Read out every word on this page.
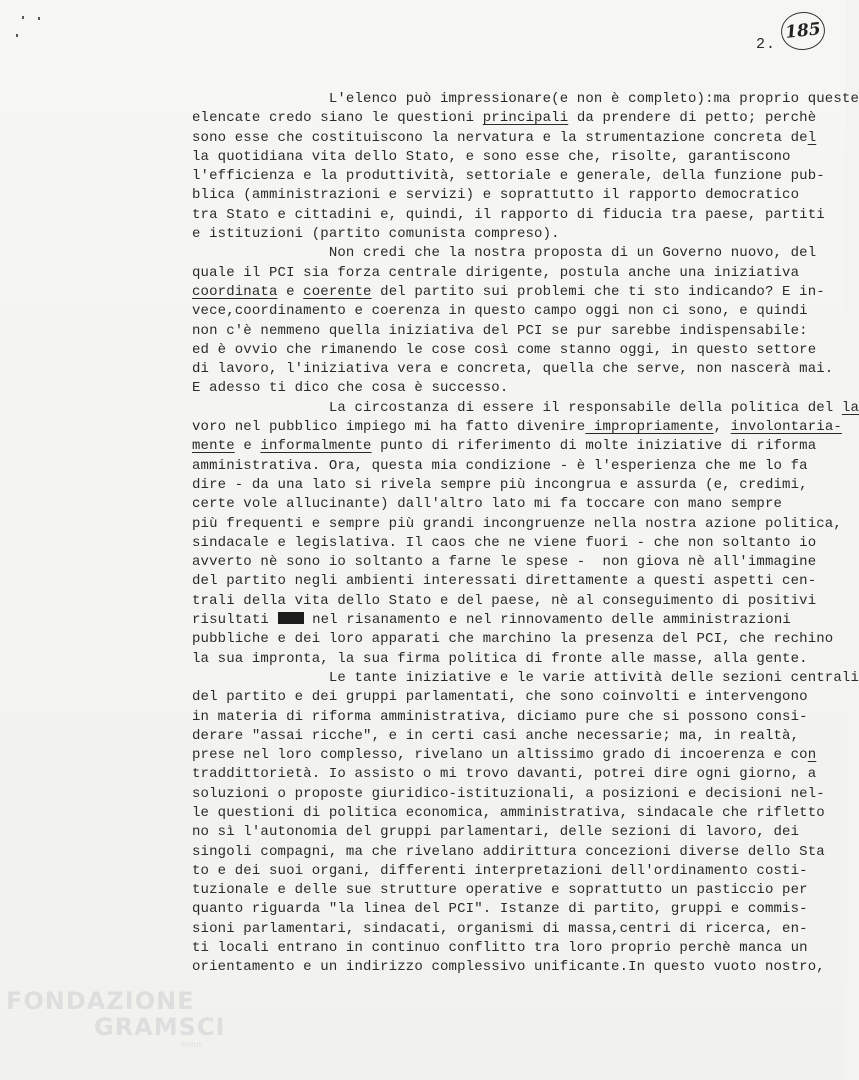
185
2.
L'elenco può impressionare(e non è completo):ma proprio queste
elencate credo siano le questioni principali da prendere di petto; perchè
sono esse che costituiscono la nervatura e la strumentazione concreta del
la quotidiana vita dello Stato, e sono esse che, risolte, garantiscono
l'efficienza e la produttività, settoriale e generale, della funzione pub-
blica (amministrazioni e servizi) e soprattutto il rapporto democratico
tra Stato e cittadini e, quindi, il rapporto di fiducia tra paese, partiti
e istituzioni (partito comunista compreso).
Non credi che la nostra proposta di un Governo nuovo, del
quale il PCI sia forza centrale dirigente, postula anche una iniziativa
coordinata e coerente del partito sui problemi che ti sto indicando? E in-
vece,coordinamento e coerenza in questo campo oggi non ci sono, e quindi
non c'è nemmeno quella iniziativa del PCI se pur sarebbe indispensabile:
ed è ovvio che rimanendo le cose così come stanno oggi, in questo settore
di lavoro, l'iniziativa vera e concreta, quella che serve, non nascerà mai.
E adesso ti dico che cosa è successo.
La circostanza di essere il responsabile della politica del la
voro nel pubblico impiego mi ha fatto divenire impropriamente, involontaria-
mente e informalmente punto di riferimento di molte iniziative di riforma
amministrativa. Ora, questa mia condizione - è l'esperienza che me lo fa
dire - da una lato si rivela sempre più incongrua e assurda (e, credimi,
certe vole allucinante) dall'altro lato mi fa toccare con mano sempre
più frequenti e sempre più grandi incongruenze nella nostra azione politica,
sindacale e legislativa. Il caos che ne viene fuori - che non soltanto io
avverto nè sono io soltanto a farne le spese -  non giova nè all'immagine
del partito negli ambienti interessati direttamente a questi aspetti cen-
trali della vita dello Stato e del paese, nè al conseguimento di positivi
risultati  nel risanamento e nel rinnovamento delle amministrazioni
pubbliche e dei loro apparati che marchino la presenza del PCI, che rechino
la sua impronta, la sua firma politica di fronte alle masse, alla gente.
Le tante iniziative e le varie attività delle sezioni centrali
del partito e dei gruppi parlamentati, che sono coinvolti e intervengono
in materia di riforma amministrativa, diciamo pure che si possono consi-
derare "assai ricche", e in certi casi anche necessarie; ma, in realtà,
prese nel loro complesso, rivelano un altissimo grado di incoerenza e con
traddittorietà. Io assisto o mi trovo davanti, potrei dire ogni giorno, a
soluzioni o proposte giuridico-istituzionali, a posizioni e decisioni nel-
le questioni di politica economica, amministrativa, sindacale che rifletto
no sì l'autonomia del gruppi parlamentari, delle sezioni di lavoro, dei
singoli compagni, ma che rivelano addirittura concezioni diverse dello Sta
to e dei suoi organi, differenti interpretazioni dell'ordinamento costi-
tuzionale e delle sue strutture operative e soprattutto un pasticcio per
quanto riguarda "la linea del PCI". Istanze di partito, gruppi e commis-
sioni parlamentari, sindacati, organismi di massa,centri di ricerca, en-
ti locali entrano in continuo conflitto tra loro proprio perchè manca un
orientamento e un indirizzo complessivo unificante.In questo vuoto nostro,
FONDAZIONE
GRAMSCI
onlus
